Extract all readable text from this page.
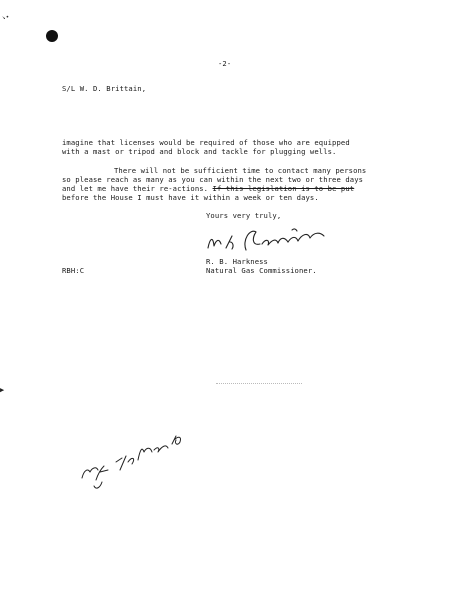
↘•
▶
-2-
S/L W. D. Brittain,
imagine that licenses would be required of those who are equipped
with a mast or tripod and block and tackle for plugging wells.
There will not be sufficient time to contact many persons
so please reach as many as you can within the next two or three days
and let me have their re-actions. If this legislation is to be put
before the House I must have it within a week or ten days.
Yours very truly,
R. B. Harkness
Natural Gas Commissioner.
RBH:C
